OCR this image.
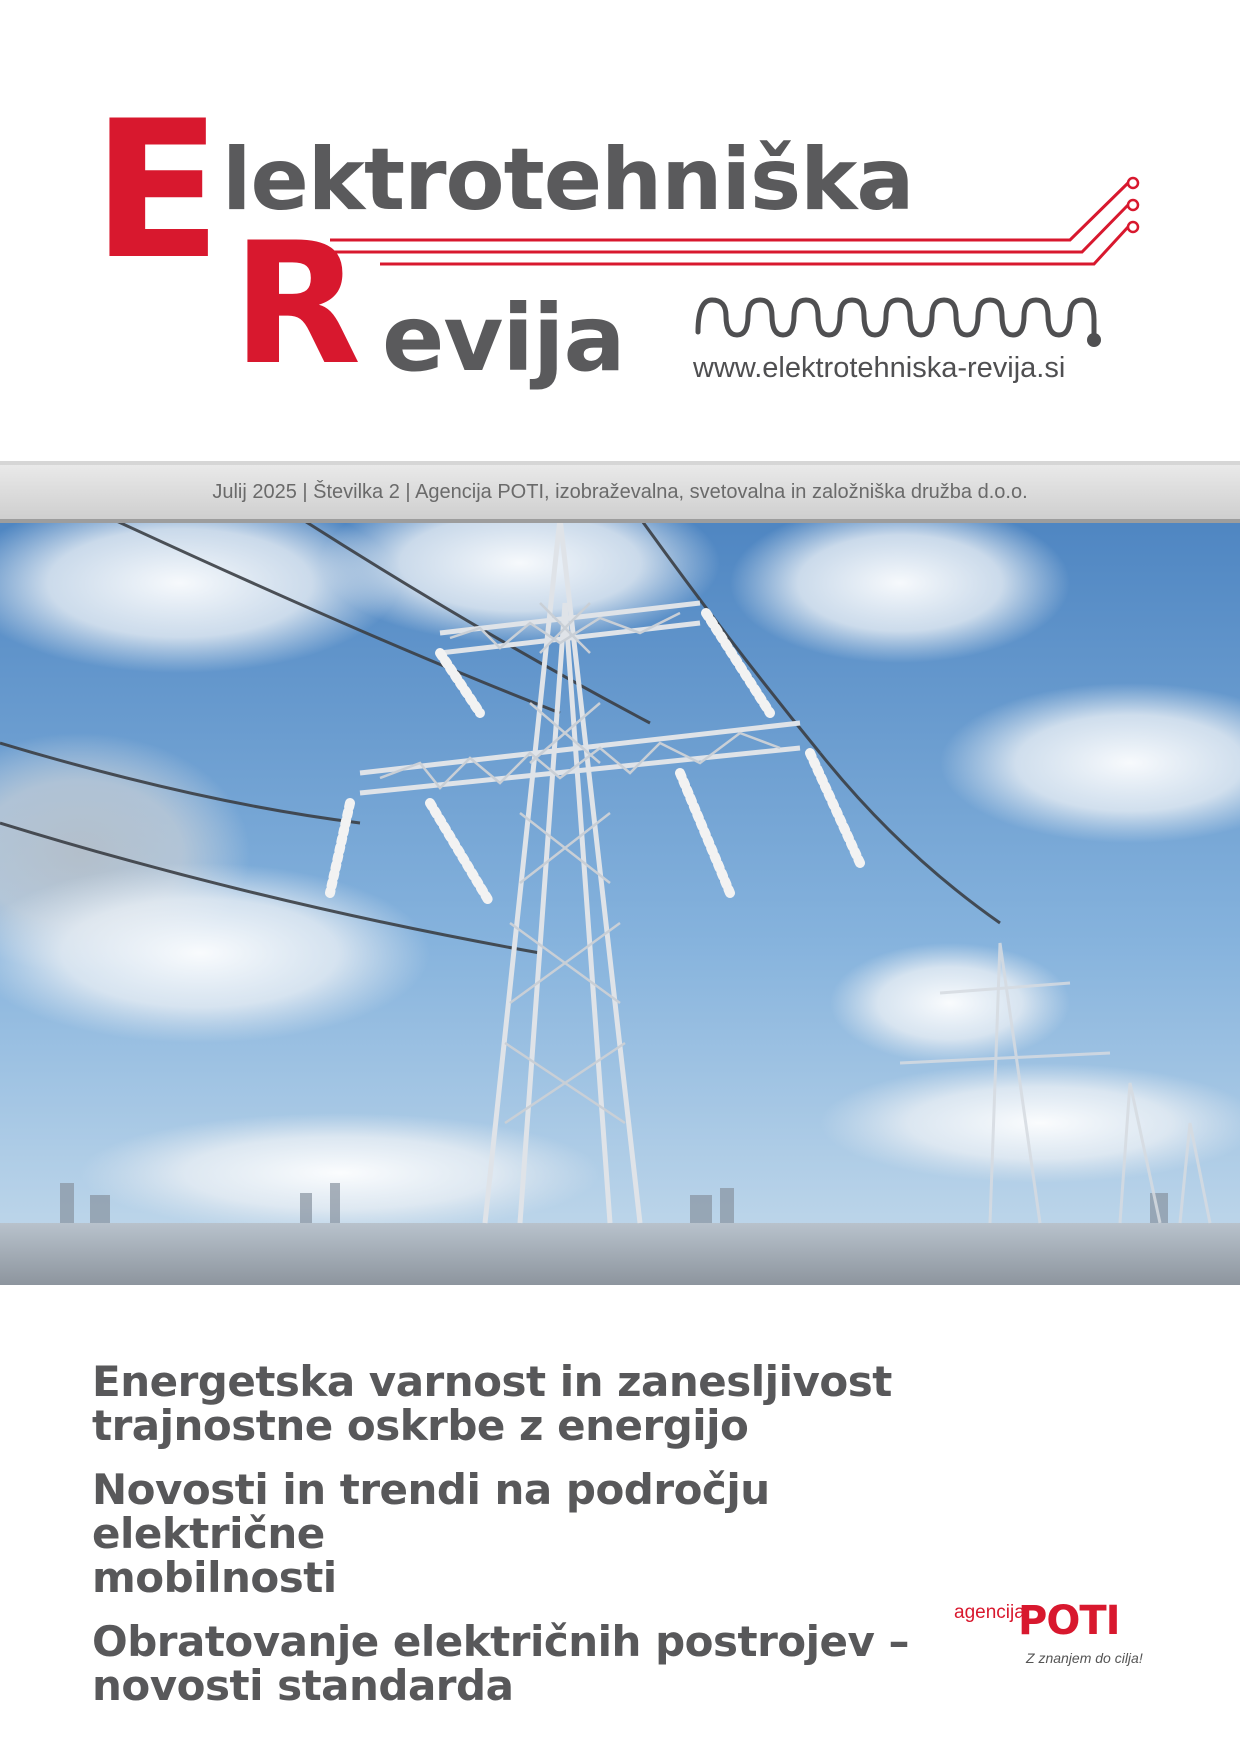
E lektrotehniška
R evija www.elektrotehniska-revija.si
Julij 2025 | Številka 2 | Agencija POTI, izobraževalna, svetovalna in založniška družba d.o.o.
Energetska varnost in zanesljivost
trajnostne oskrbe z energijo
Novosti in trendi na področju električne
mobilnosti
Obratovanje električnih postrojev –
novosti standarda
agencija
POTI
Z znanjem do cilja!
